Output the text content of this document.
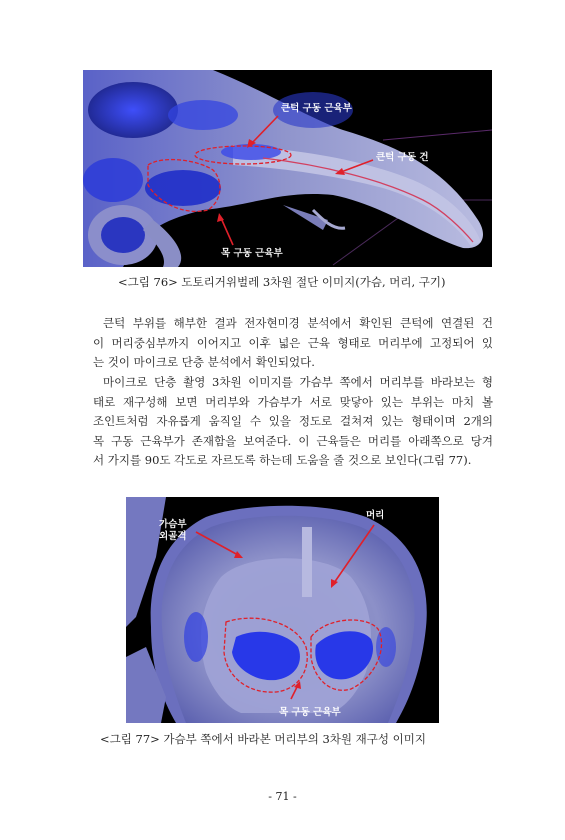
큰턱 구동 근육부
큰턱 구동 건
목 구동 근육부
<그림 76> 도토리거위벌레 3차원 절단 이미지(가슴, 머리, 구기)
큰턱 부위를 해부한 결과 전자현미경 분석에서 확인된 큰턱에 연결된 건
이 머리중심부까지 이어지고 이후 넓은 근육 형태로 머리부에 고정되어 있
는 것이 마이크로 단층 분석에서 확인되었다.
마이크로 단층 촬영 3차원 이미지를 가슴부 쪽에서 머리부를 바라보는 형
태로 재구성해 보면 머리부와 가슴부가 서로 맞닿아 있는 부위는 마치 볼
조인트처럼 자유롭게 움직일 수 있을 정도로 걸쳐져 있는 형태이며 2개의
목 구동 근육부가 존재함을 보여준다. 이 근육들은 머리를 아래쪽으로 당겨
서 가지를 90도 각도로 자르도록 하는데 도움을 줄 것으로 보인다(그림 77).
가슴부
외골격
머리
목 구동 근육부
<그림 77> 가슴부 쪽에서 바라본 머리부의 3차원 재구성 이미지
- 71 -
